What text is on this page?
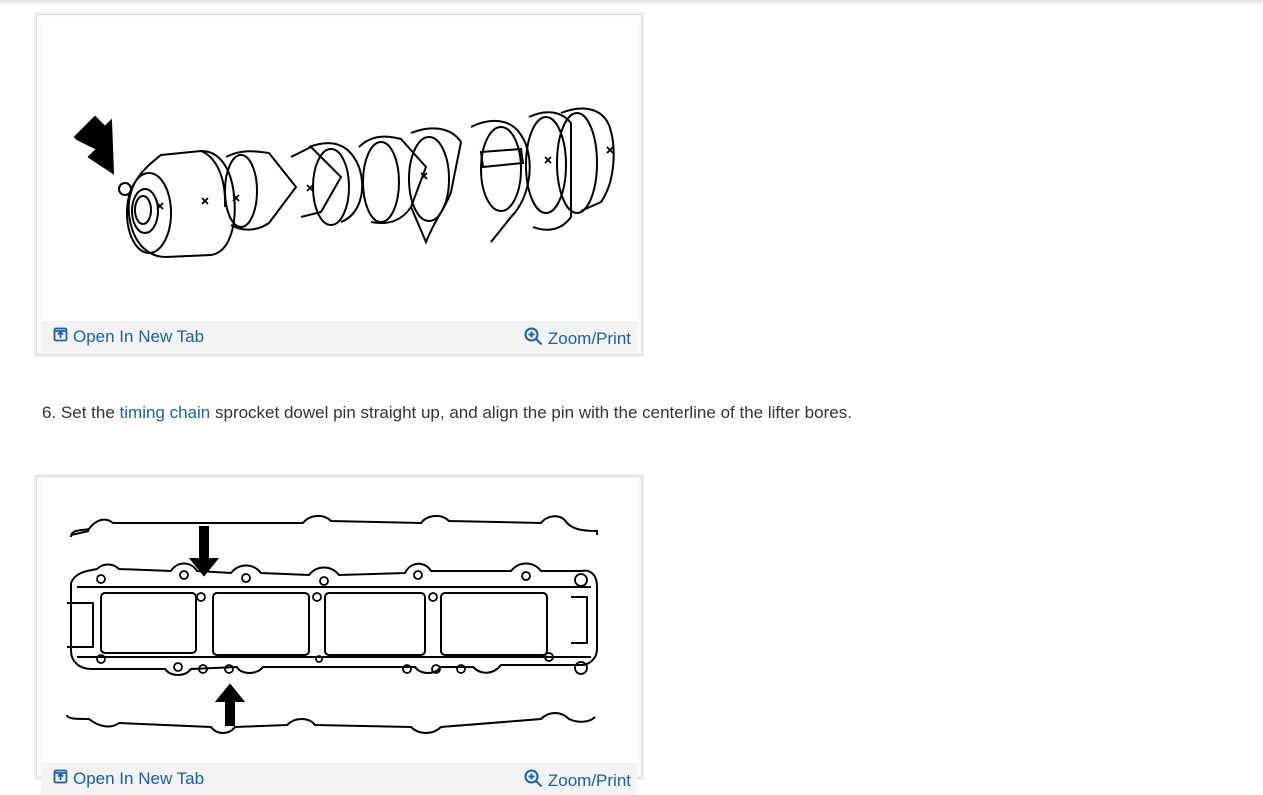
Open In New Tab	Zoom/Print
6. Set the timing chain sprocket dowel pin straight up, and align the pin with the centerline of the lifter bores.
Open In New Tab	Zoom/Print
